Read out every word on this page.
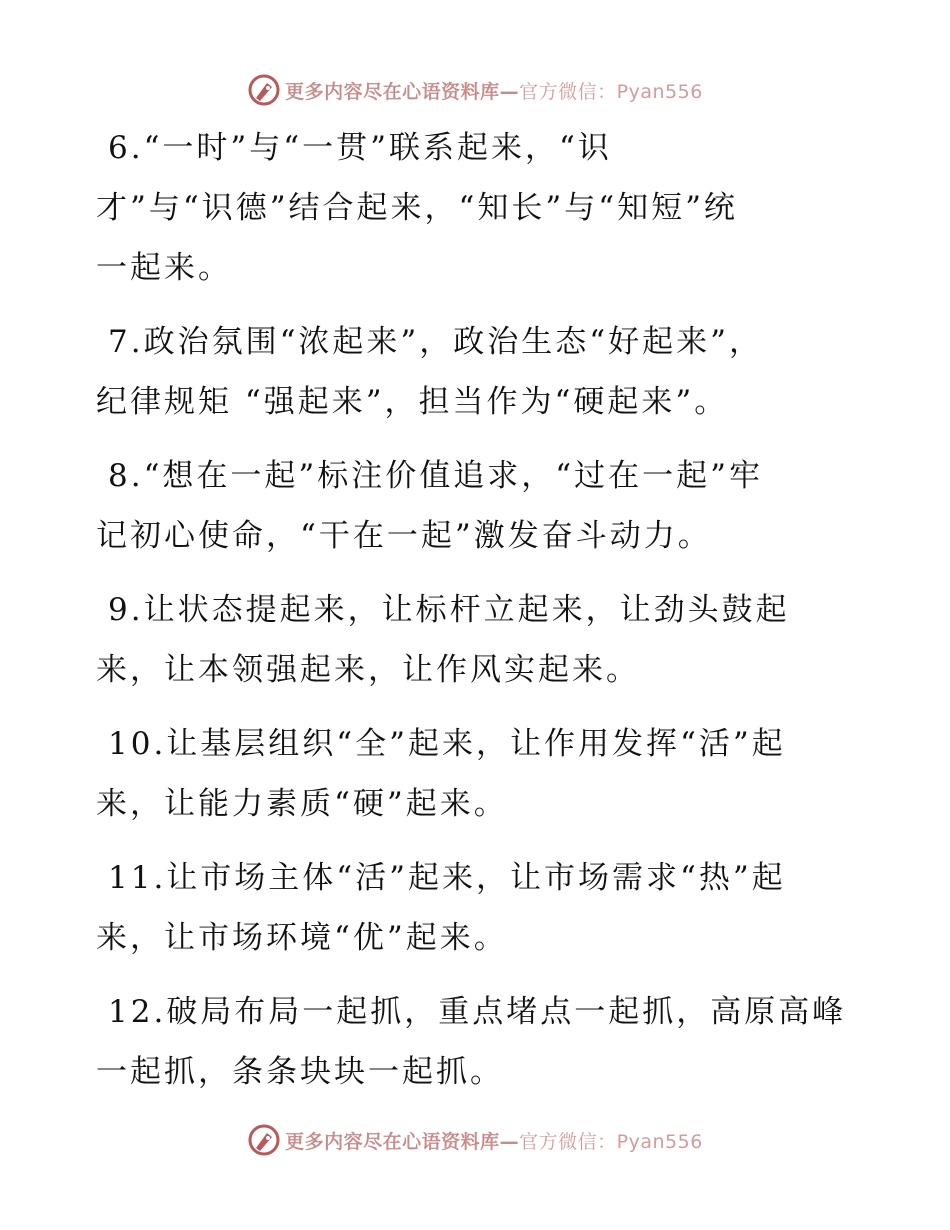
更多内容尽在心语资料库—官方微信：Pyan556

6.“一时”与“一贯”联系起来，“识

才”与“识德”结合起来，“知长”与“知短”统

一起来。

7.政治氛围“浓起来”，政治生态“好起来”，

纪律规矩 “强起来”，担当作为“硬起来”。

8.“想在一起”标注价值追求，“过在一起”牢

记初心使命，“干在一起”激发奋斗动力。

9.让状态提起来，让标杆立起来，让劲头鼓起

来，让本领强起来，让作风实起来。

10.让基层组织“全”起来，让作用发挥“活”起

来，让能力素质“硬”起来。

11.让市场主体“活”起来，让市场需求“热”起

来，让市场环境“优”起来。

12.破局布局一起抓，重点堵点一起抓，高原高峰

一起抓，条条块块一起抓。

更多内容尽在心语资料库—官方微信：Pyan556
